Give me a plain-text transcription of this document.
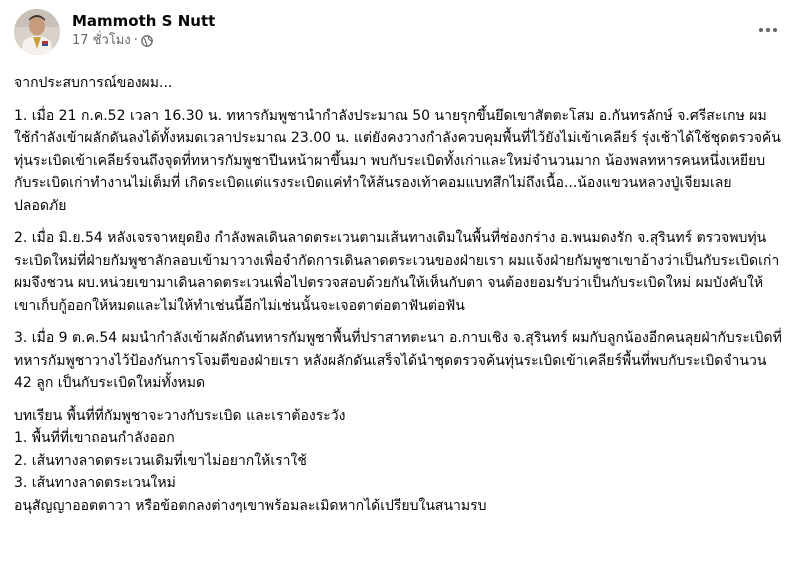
Mammoth S Nutt
17 ชั่วโมง ·

จากประสบการณ์ของผม...

1. เมื่อ 21 ก.ค.52 เวลา 16.30 น. ทหารกัมพูชานำกำลังประมาณ 50 นายรุกขึ้นยึดเขาสัตตะโสม อ.กันทรลักษ์ จ.ศรีสะเกษ ผมใช้กำลังเข้าผลักดันลงได้ทั้งหมดเวลาประมาณ 23.00 น. แต่ยังคงวางกำลังควบคุมพื้นที่ไว้ยังไม่เข้าเคลียร์ รุ่งเช้าได้ใช้ชุดตรวจค้นทุ่นระเบิดเข้าเคลียร์จนถึงจุดที่ทหารกัมพูชาปีนหน้าผาขึ้นมา พบกับระเบิดทั้งเก่าและใหม่จำนวนมาก น้องพลทหารคนหนึ่งเหยียบกับระเบิดเก่าทำงานไม่เต็มที่ เกิดระเบิดแต่แรงระเบิดแค่ทำให้ส้นรองเท้าคอมแบทสึกไม่ถึงเนื้อ...น้องแขวนหลวงปู่เจียมเลยปลอดภัย

2. เมื่อ มิ.ย.54 หลังเจรจาหยุดยิง กำลังพลเดินลาดตระเวนตามเส้นทางเดิมในพื้นที่ช่องกร่าง อ.พนมดงรัก จ.สุรินทร์ ตรวจพบทุ่นระเบิดใหม่ที่ฝ่ายกัมพูชาลักลอบเข้ามาวางเพื่อจำกัดการเดินลาดตระเวนของฝ่ายเรา ผมแจ้งฝ่ายกัมพูชาเขาอ้างว่าเป็นกับระเบิดเก่า ผมจึงชวน ผบ.หน่วยเขามาเดินลาดตระเวนเพื่อไปตรวจสอบด้วยกันให้เห็นกับตา จนต้องยอมรับว่าเป็นกับระเบิดใหม่ ผมบังคับให้เขาเก็บกู้ออกให้หมดและไม่ให้ทำเช่นนี้อีกไม่เช่นนั้นจะเจอตาต่อตาฟันต่อฟัน

3. เมื่อ 9 ต.ค.54 ผมนำกำลังเข้าผลักดันทหารกัมพูชาพื้นที่ปราสาทตะนา อ.กาบเชิง จ.สุรินทร์ ผมกับลูกน้องอีกคนลุยฝ่ากับระเบิดที่ทหารกัมพูชาวางไว้ป้องกันการโจมตีของฝ่ายเรา หลังผลักดันเสร็จได้นำชุดตรวจค้นทุ่นระเบิดเข้าเคลียร์พื้นที่พบกับระเบิดจำนวน 42 ลูก เป็นกับระเบิดใหม่ทั้งหมด

บทเรียน พื้นที่ที่กัมพูชาจะวางกับระเบิด และเราต้องระวัง
1. พื้นที่ที่เขาถอนกำลังออก
2. เส้นทางลาดตระเวนเดิมที่เขาไม่อยากให้เราใช้
3. เส้นทางลาดตระเวนใหม่
อนุสัญญาออตตาวา หรือข้อตกลงต่างๆเขาพร้อมละเมิดหากได้เปรียบในสนามรบ
